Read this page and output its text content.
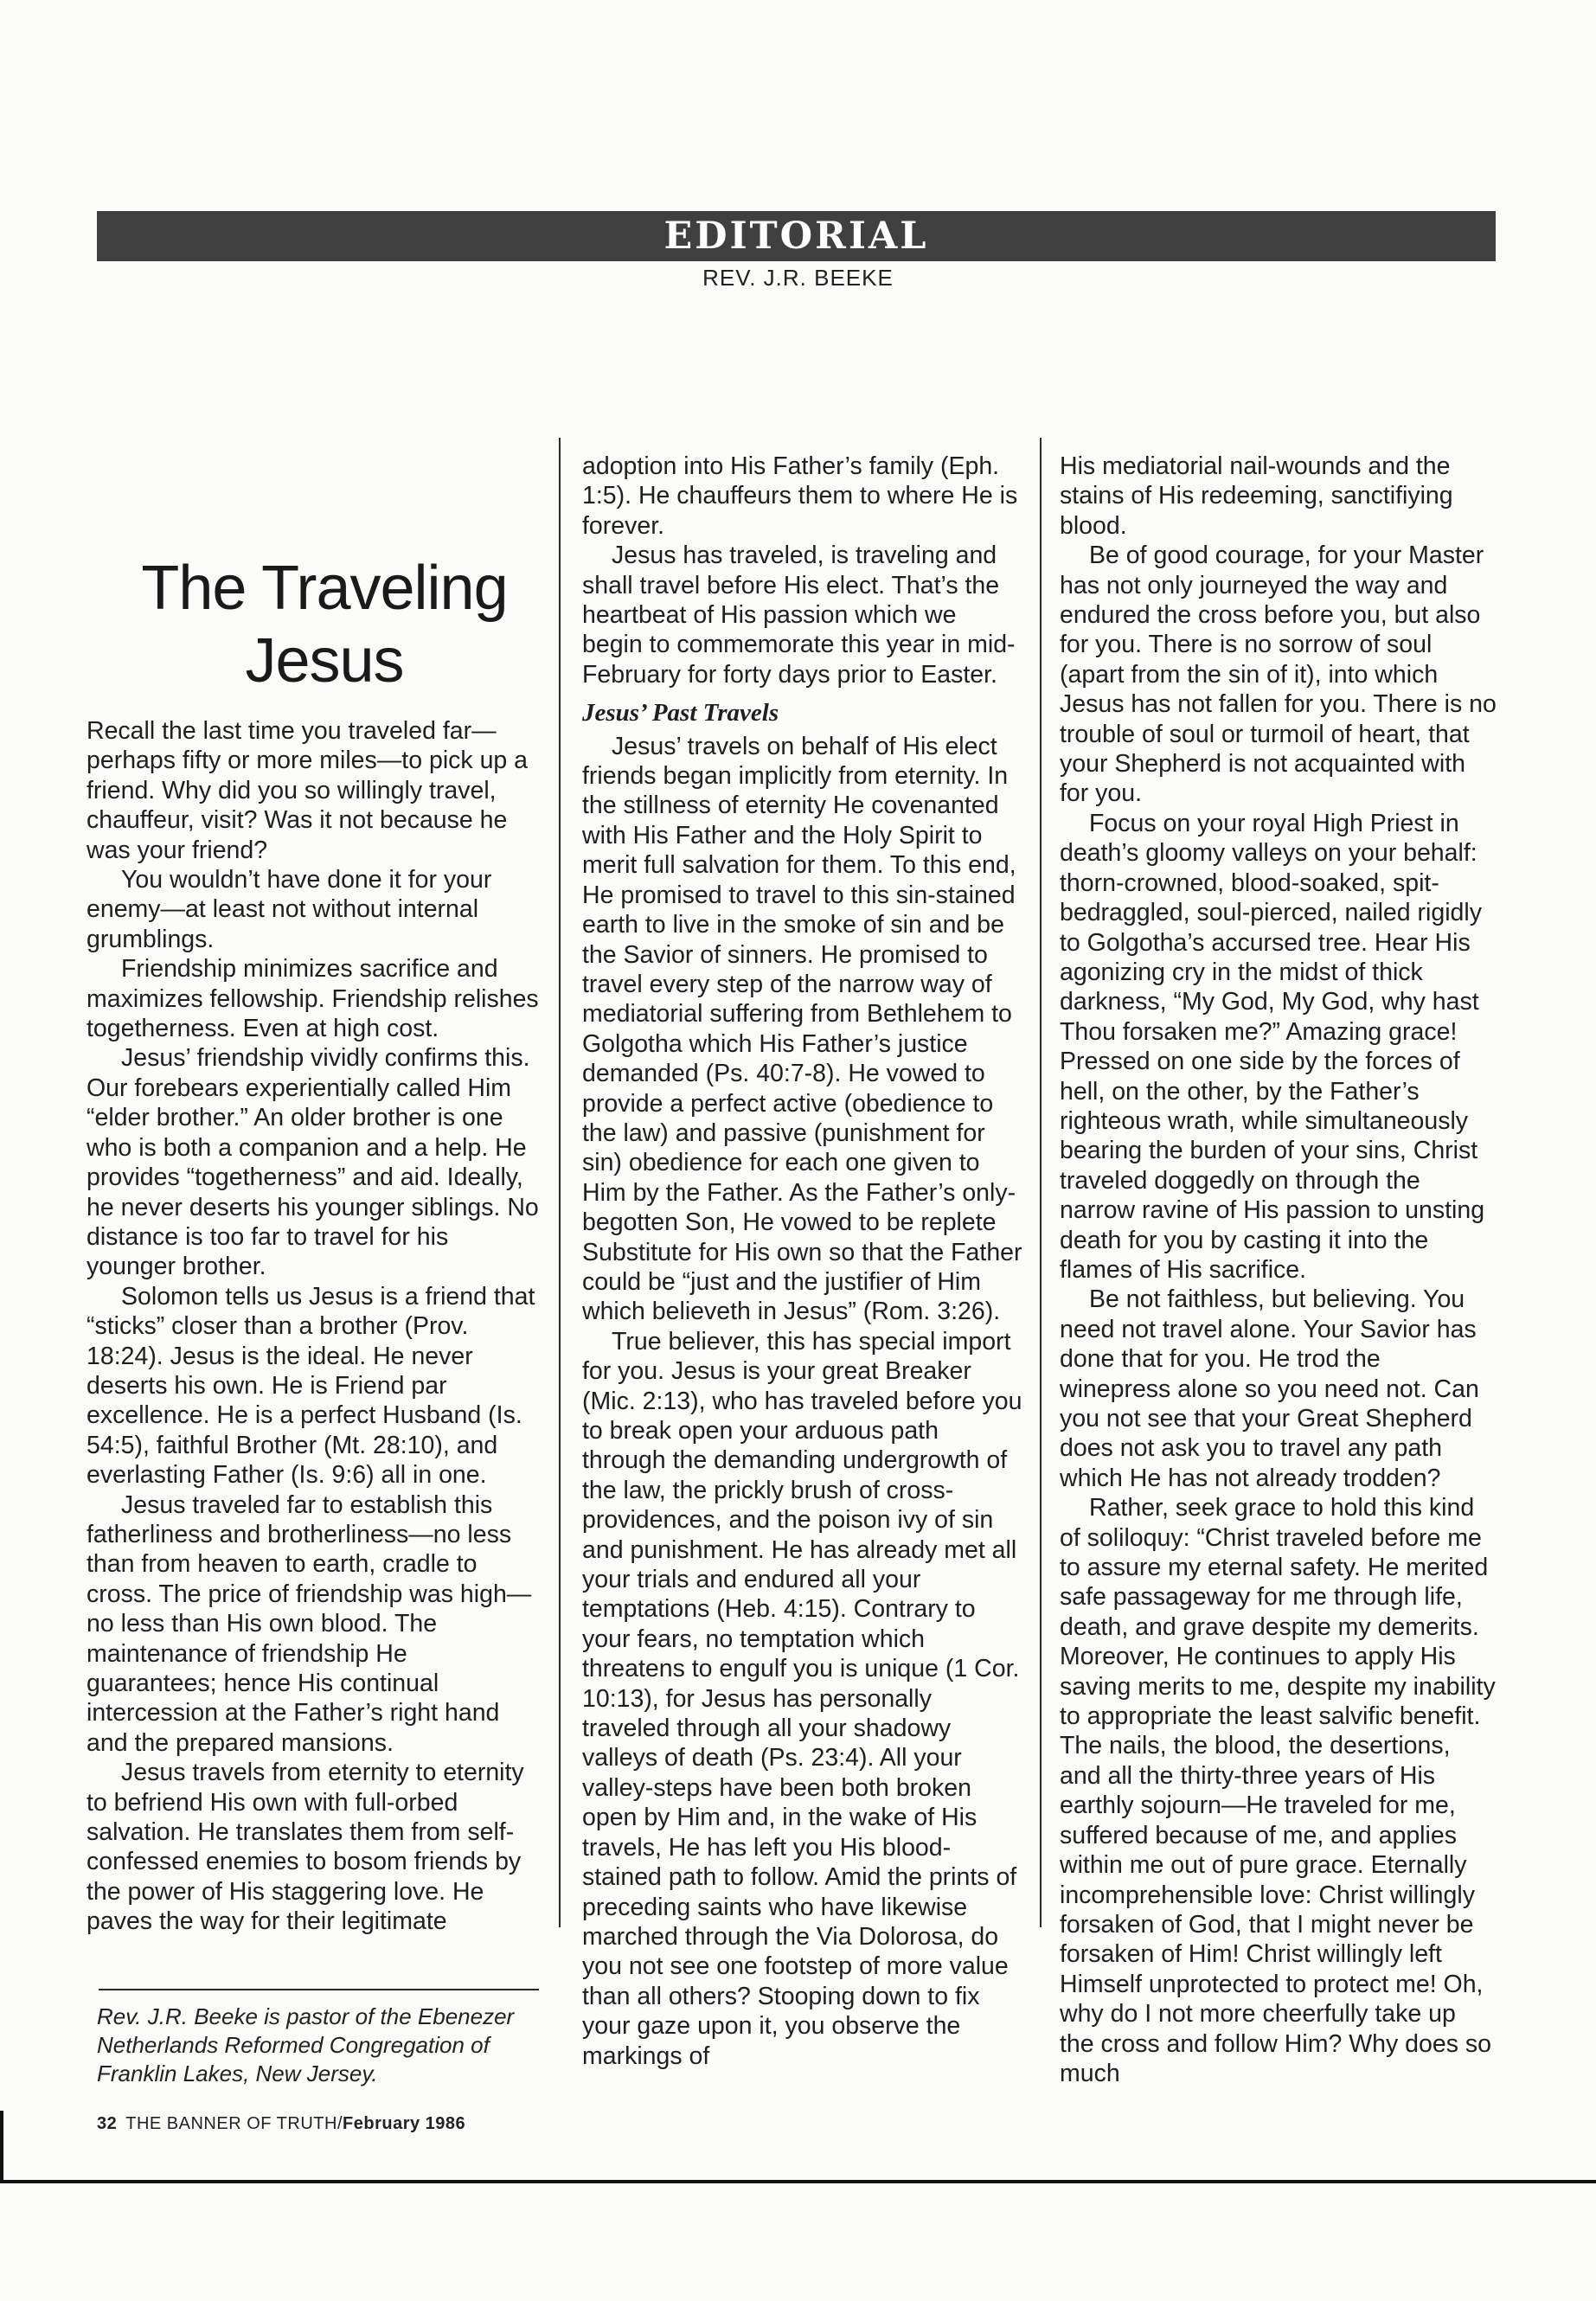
EDITORIAL
REV. J.R. BEEKE
The Traveling
Jesus

Recall the last time you traveled far—perhaps fifty or more miles—to pick up a friend. Why did you so willingly travel, chauffeur, visit? Was it not because he was your friend?

You wouldn’t have done it for your enemy—at least not without internal grumblings.

Friendship minimizes sacrifice and maximizes fellowship. Friendship relishes togetherness. Even at high cost.

Jesus’ friendship vividly confirms this. Our forebears experientially called Him “elder brother.” An older brother is one who is both a companion and a help. He provides “togetherness” and aid. Ideally, he never deserts his younger siblings. No distance is too far to travel for his younger brother.

Solomon tells us Jesus is a friend that “sticks” closer than a brother (Prov. 18:24). Jesus is the ideal. He never deserts his own. He is Friend par excellence. He is a perfect Husband (Is. 54:5), faithful Brother (Mt. 28:10), and everlasting Father (Is. 9:6) all in one.

Jesus traveled far to establish this fatherliness and brotherliness—no less than from heaven to earth, cradle to cross. The price of friendship was high—no less than His own blood. The maintenance of friendship He guarantees; hence His continual intercession at the Father’s right hand and the prepared mansions.

Jesus travels from eternity to eternity to befriend His own with full-orbed salvation. He translates them from self-confessed enemies to bosom friends by the power of His staggering love. He paves the way for their legitimate

adoption into His Father’s family (Eph. 1:5). He chauffeurs them to where He is forever.

Jesus has traveled, is traveling and shall travel before His elect. That’s the heartbeat of His passion which we begin to commemorate this year in mid-February for forty days prior to Easter.

Jesus’ Past Travels

Jesus’ travels on behalf of His elect friends began implicitly from eternity. In the stillness of eternity He covenanted with His Father and the Holy Spirit to merit full salvation for them. To this end, He promised to travel to this sin-stained earth to live in the smoke of sin and be the Savior of sinners. He promised to travel every step of the narrow way of mediatorial suffering from Bethlehem to Golgotha which His Father’s justice demanded (Ps. 40:7-8). He vowed to provide a perfect active (obedience to the law) and passive (punishment for sin) obedience for each one given to Him by the Father. As the Father’s only-begotten Son, He vowed to be replete Substitute for His own so that the Father could be “just and the justifier of Him which believeth in Jesus” (Rom. 3:26).

True believer, this has special import for you. Jesus is your great Breaker (Mic. 2:13), who has traveled before you to break open your arduous path through the demanding undergrowth of the law, the prickly brush of cross-providences, and the poison ivy of sin and punishment. He has already met all your trials and endured all your temptations (Heb. 4:15). Contrary to your fears, no temptation which threatens to engulf you is unique (1 Cor. 10:13), for Jesus has personally traveled through all your shadowy valleys of death (Ps. 23:4). All your valley-steps have been both broken open by Him and, in the wake of His travels, He has left you His blood-stained path to follow. Amid the prints of preceding saints who have likewise marched through the Via Dolorosa, do you not see one footstep of more value than all others? Stooping down to fix your gaze upon it, you observe the markings of

His mediatorial nail-wounds and the stains of His redeeming, sanctifiying blood.

Be of good courage, for your Master has not only journeyed the way and endured the cross before you, but also for you. There is no sorrow of soul (apart from the sin of it), into which Jesus has not fallen for you. There is no trouble of soul or turmoil of heart, that your Shepherd is not acquainted with for you.

Focus on your royal High Priest in death’s gloomy valleys on your behalf: thorn-crowned, blood-soaked, spit-bedraggled, soul-pierced, nailed rigidly to Golgotha’s accursed tree. Hear His agonizing cry in the midst of thick darkness, “My God, My God, why hast Thou forsaken me?” Amazing grace! Pressed on one side by the forces of hell, on the other, by the Father’s righteous wrath, while simultaneously bearing the burden of your sins, Christ traveled doggedly on through the narrow ravine of His passion to unsting death for you by casting it into the flames of His sacrifice.

Be not faithless, but believing. You need not travel alone. Your Savior has done that for you. He trod the winepress alone so you need not. Can you not see that your Great Shepherd does not ask you to travel any path which He has not already trodden?

Rather, seek grace to hold this kind of soliloquy: “Christ traveled before me to assure my eternal safety. He merited safe passageway for me through life, death, and grave despite my demerits. Moreover, He continues to apply His saving merits to me, despite my inability to appropriate the least salvific benefit. The nails, the blood, the desertions, and all the thirty-three years of His earthly sojourn—He traveled for me, suffered because of me, and applies within me out of pure grace. Eternally incomprehensible love: Christ willingly forsaken of God, that I might never be forsaken of Him! Christ willingly left Himself unprotected to protect me! Oh, why do I not more cheerfully take up the cross and follow Him? Why does so much

Rev. J.R. Beeke is pastor of the Ebenezer Netherlands Reformed Congregation of Franklin Lakes, New Jersey.
32 THE BANNER OF TRUTH/February 1986
